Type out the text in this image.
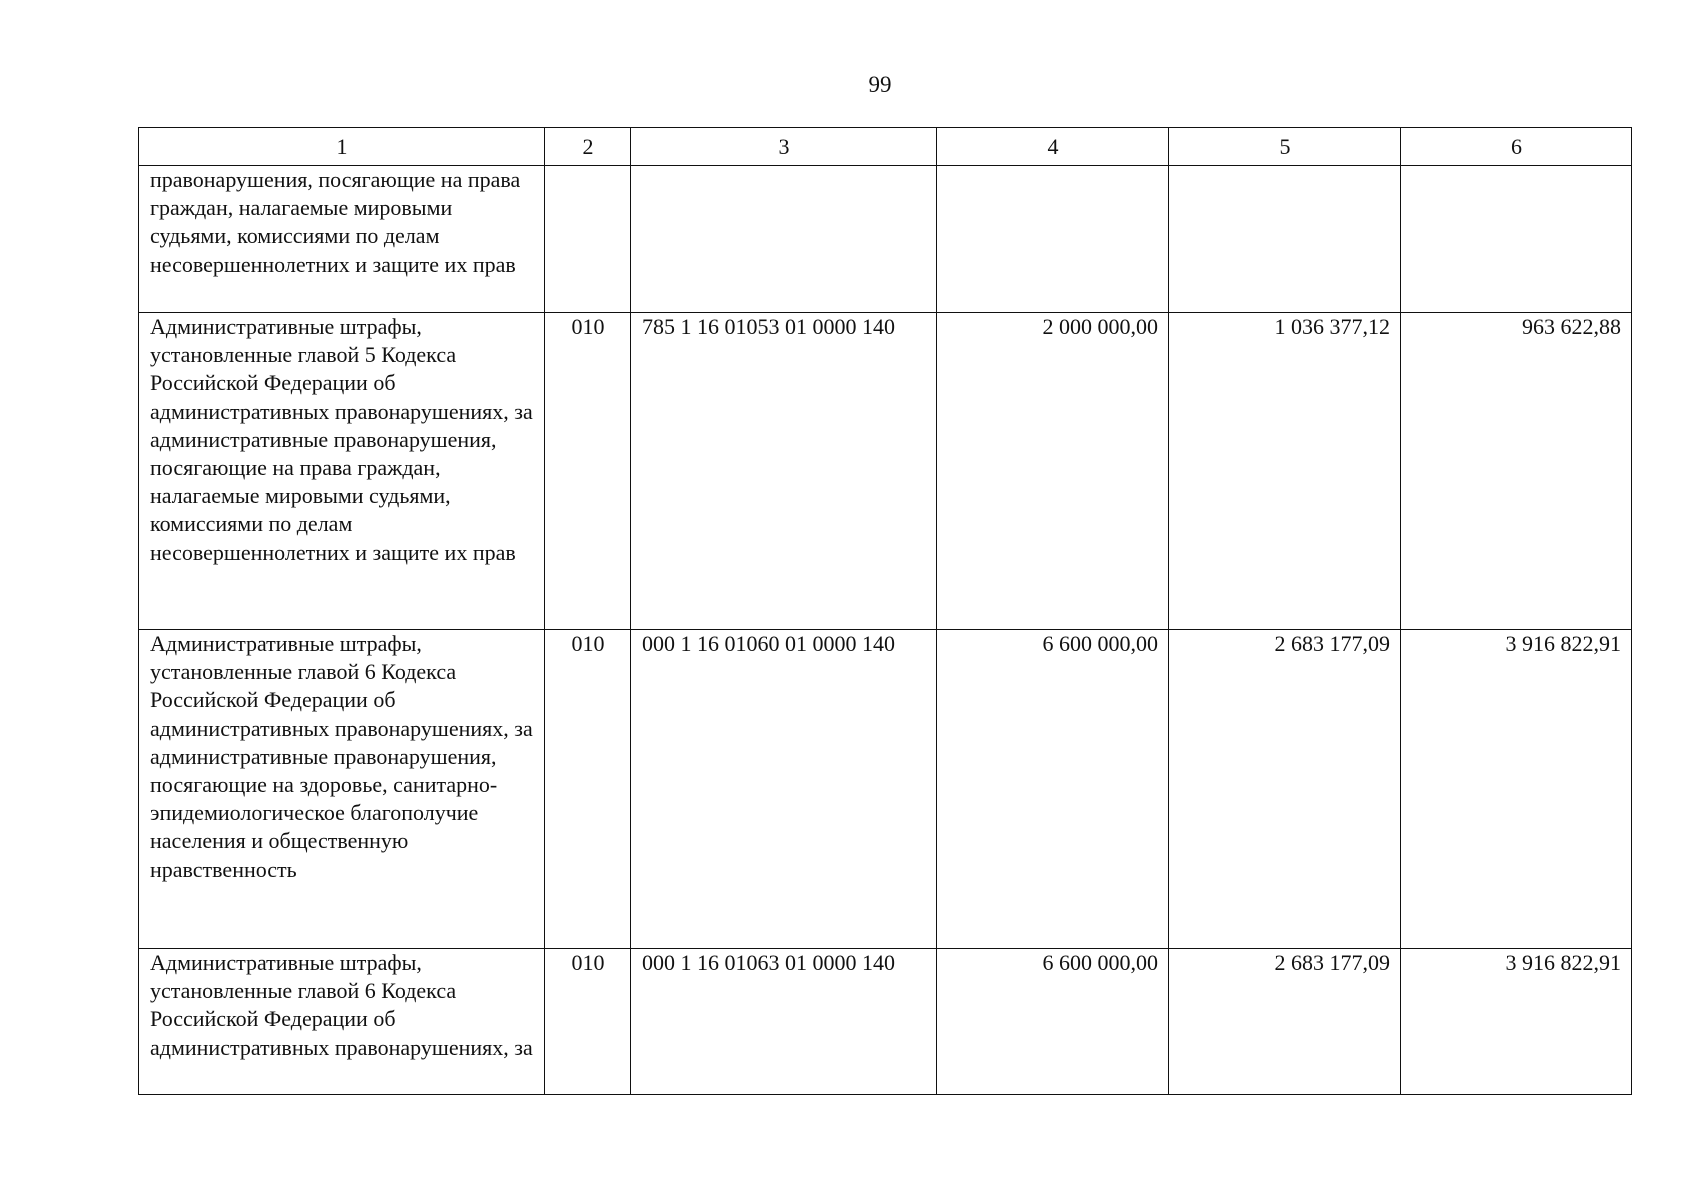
99
1	2	3	4	5	6
правонарушения, посягающие на права граждан, налагаемые мировыми судьями, комиссиями по делам несовершеннолетних и защите их прав					
Административные штрафы, установленные главой 5 Кодекса Российской Федерации об административных правонарушениях, за административные правонарушения, посягающие на права граждан, налагаемые мировыми судьями, комиссиями по делам несовершеннолетних и защите их прав	010	785 1 16 01053 01 0000 140	2 000 000,00	1 036 377,12	963 622,88
Административные штрафы, установленные главой 6 Кодекса Российской Федерации об административных правонарушениях, за административные правонарушения, посягающие на здоровье, санитарно-эпидемиологическое благополучие населения и общественную нравственность	010	000 1 16 01060 01 0000 140	6 600 000,00	2 683 177,09	3 916 822,91
Административные штрафы, установленные главой 6 Кодекса Российской Федерации об административных правонарушениях, за	010	000 1 16 01063 01 0000 140	6 600 000,00	2 683 177,09	3 916 822,91
